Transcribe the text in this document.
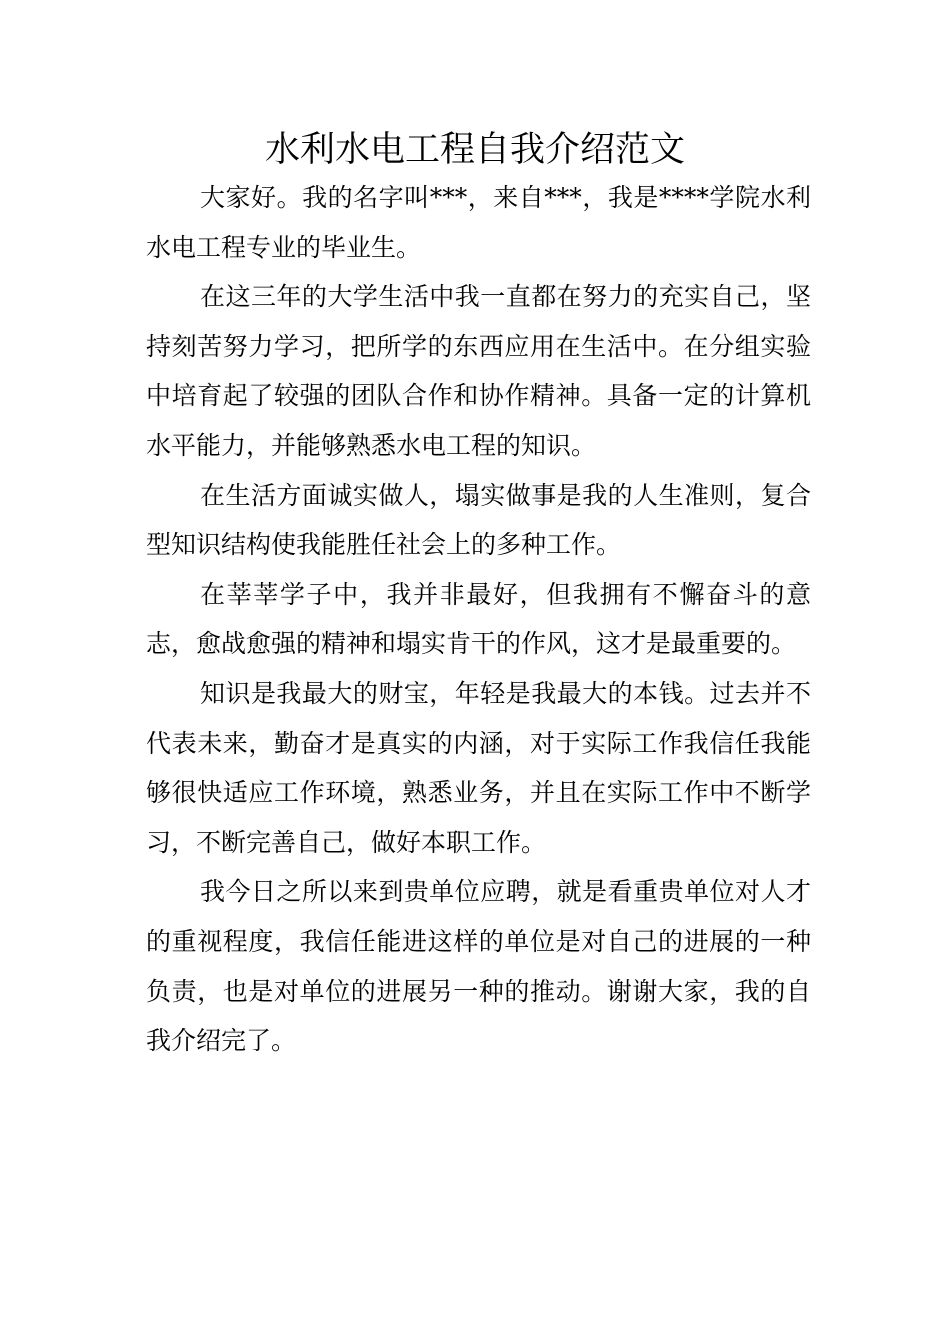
水利水电工程自我介绍范文

大家好。我的名字叫***，来自***，我是****学院水利水电工程专业的毕业生。

在这三年的大学生活中我一直都在努力的充实自己，坚持刻苦努力学习，把所学的东西应用在生活中。在分组实验中培育起了较强的团队合作和协作精神。具备一定的计算机水平能力，并能够熟悉水电工程的知识。

在生活方面诚实做人，塌实做事是我的人生准则，复合型知识结构使我能胜任社会上的多种工作。

在莘莘学子中，我并非最好，但我拥有不懈奋斗的意志，愈战愈强的精神和塌实肯干的作风，这才是最重要的。

知识是我最大的财宝，年轻是我最大的本钱。过去并不代表未来，勤奋才是真实的内涵，对于实际工作我信任我能够很快适应工作环境，熟悉业务，并且在实际工作中不断学习，不断完善自己，做好本职工作。

我今日之所以来到贵单位应聘，就是看重贵单位对人才的重视程度，我信任能进这样的单位是对自己的进展的一种负责，也是对单位的进展另一种的推动。谢谢大家，我的自我介绍完了。
